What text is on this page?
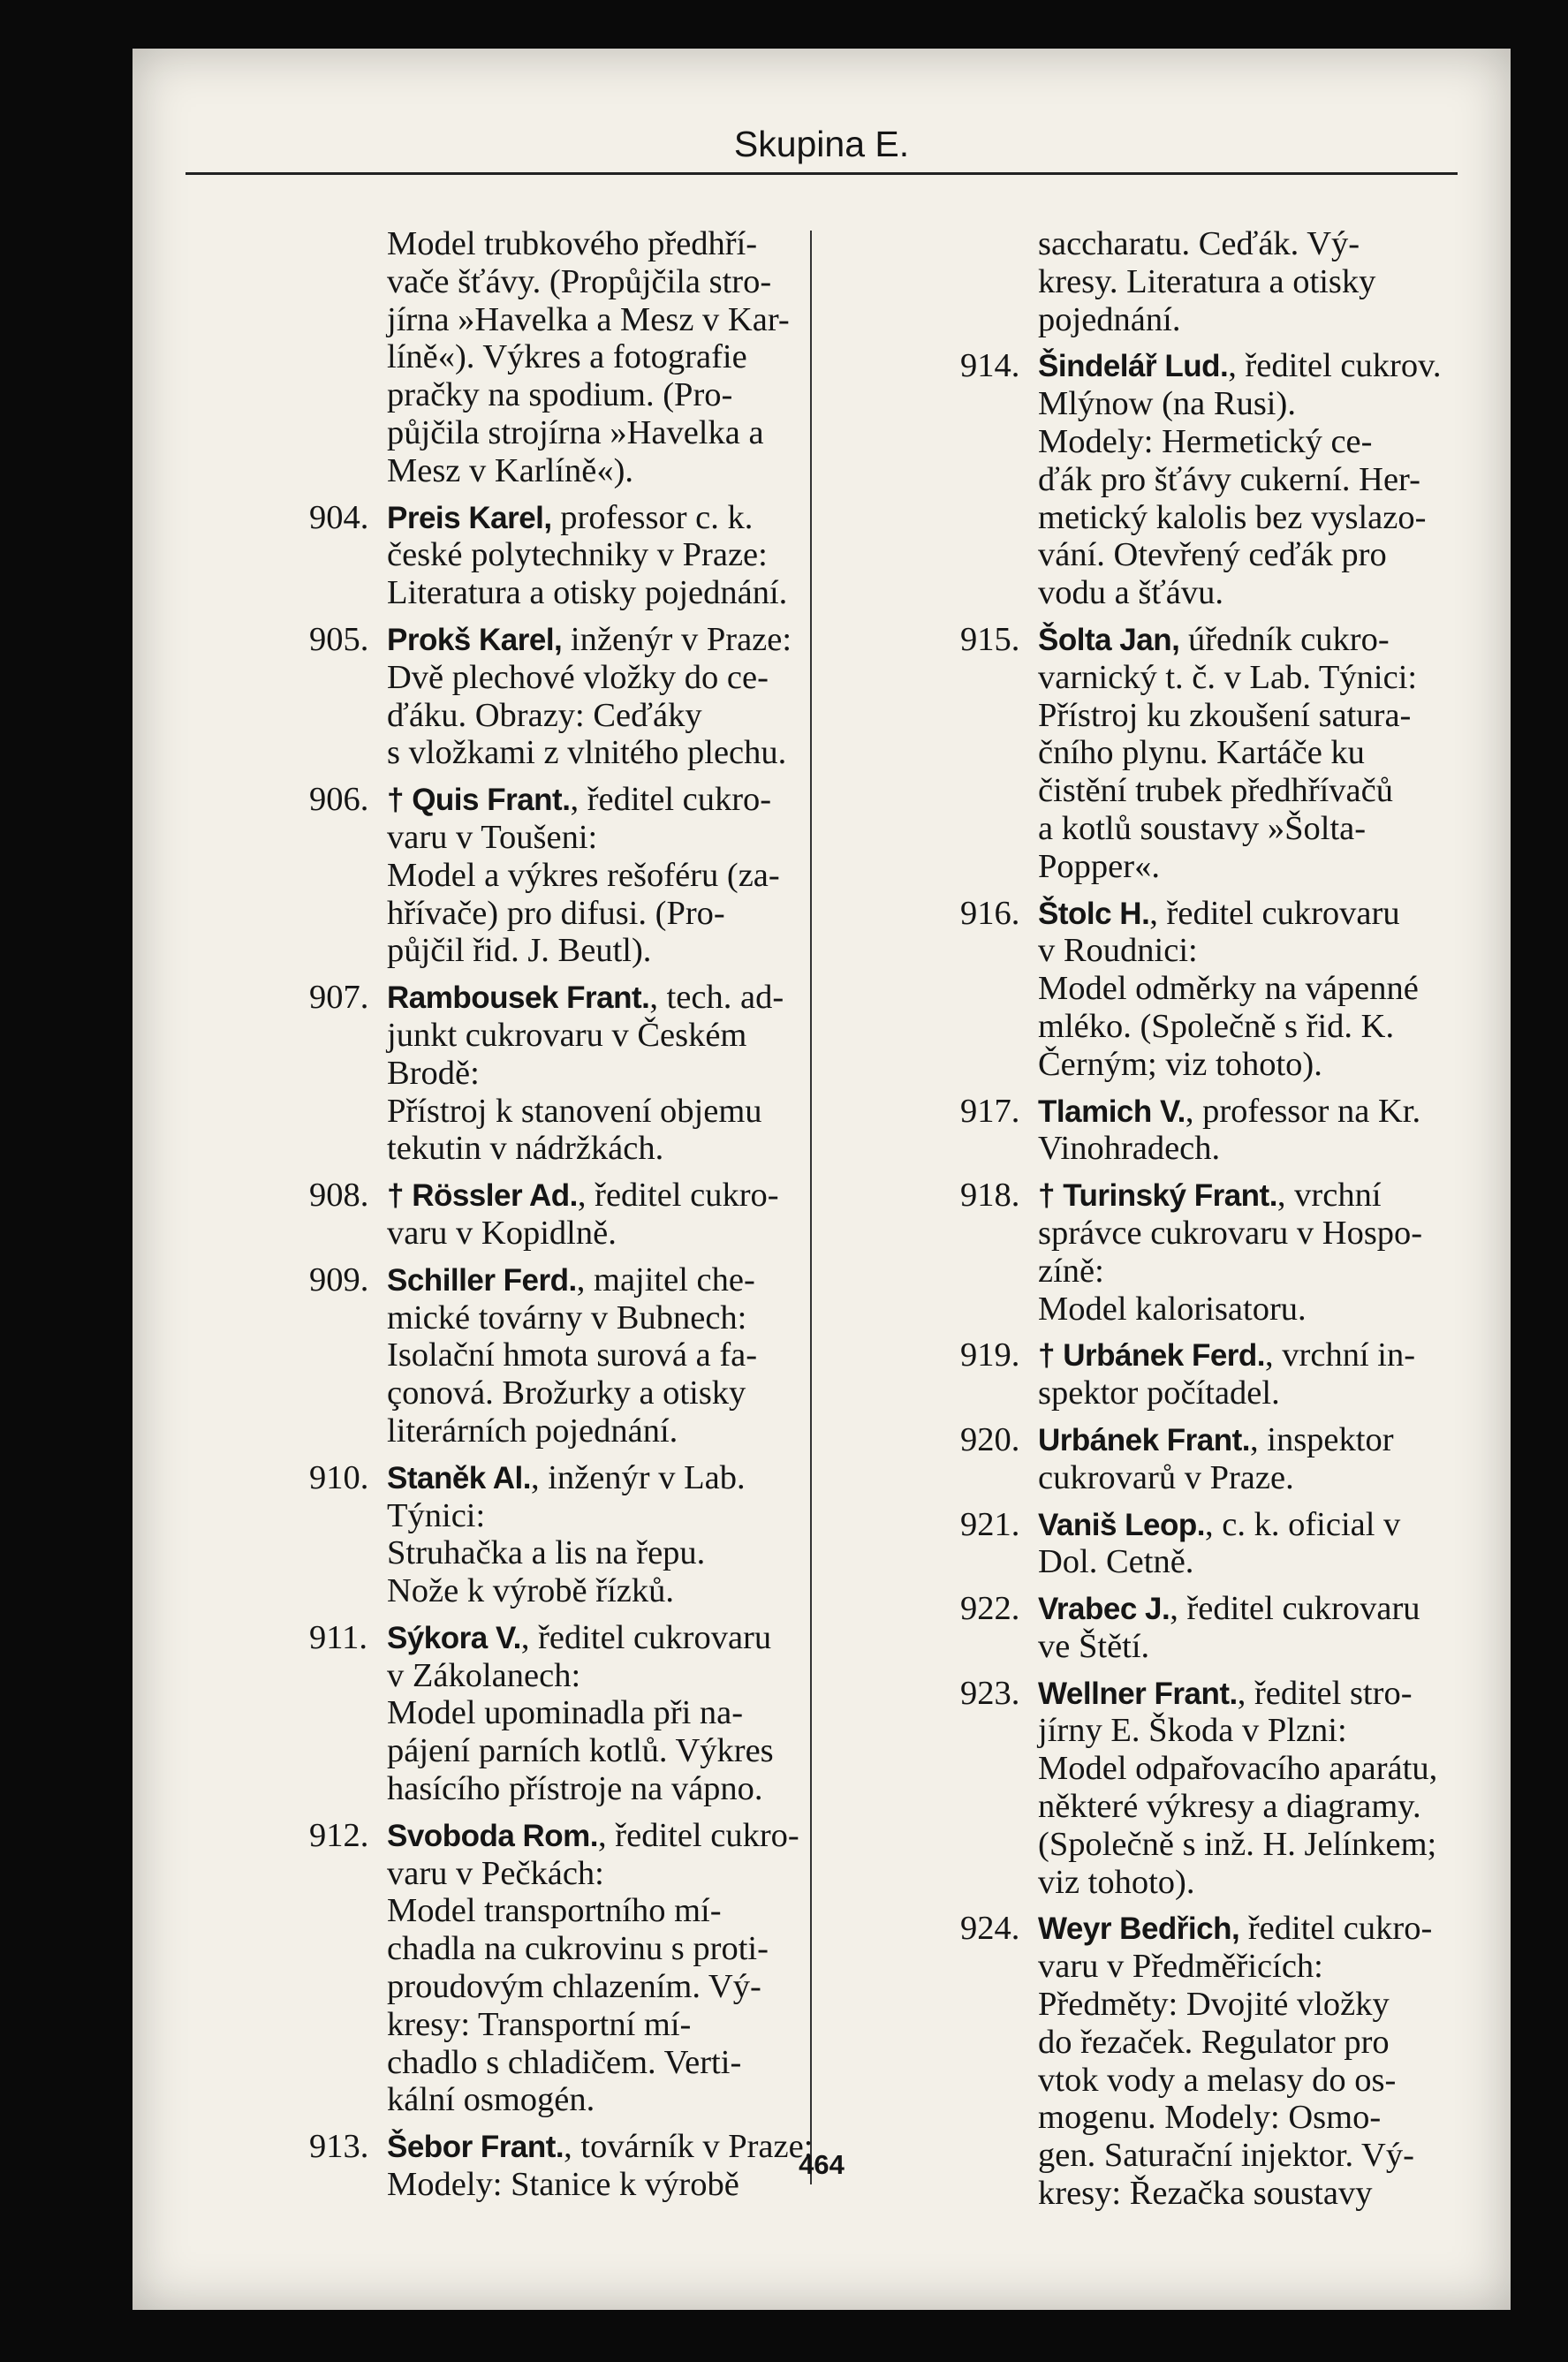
Skupina E.
Model trubkového předhří-
vače šťávy. (Propůjčila stro-
jírna »Havelka a Mesz v Kar-
líně«). Výkres a fotografie
pračky na spodium. (Pro-
půjčila strojírna »Havelka a
Mesz v Karlíně«).
904. Preis Karel, professor c. k.
české polytechniky v Praze:
Literatura a otisky pojednání.
905. Prokš Karel, inženýr v Praze:
Dvě plechové vložky do ce-
ďáku. Obrazy: Ceďáky
s vložkami z vlnitého plechu.
906. † Quis Frant., ředitel cukro-
varu v Toušeni:
Model a výkres rešoféru (za-
hřívače) pro difusi. (Pro-
půjčil řid. J. Beutl).
907. Rambousek Frant., tech. ad-
junkt cukrovaru v Českém
Brodě:
Přístroj k stanovení objemu
tekutin v nádržkách.
908. † Rössler Ad., ředitel cukro-
varu v Kopidlně.
909. Schiller Ferd., majitel che-
mické továrny v Bubnech:
Isolační hmota surová a fa-
çonová. Brožurky a otisky
literárních pojednání.
910. Staněk Al., inženýr v Lab.
Týnici:
Struhačka a lis na řepu.
Nože k výrobě řízků.
911. Sýkora V., ředitel cukrovaru
v Zákolanech:
Model upominadla při na-
pájení parních kotlů. Výkres
hasícího přístroje na vápno.
912. Svoboda Rom., ředitel cukro-
varu v Pečkách:
Model transportního mí-
chadla na cukrovinu s proti-
proudovým chlazením. Vý-
kresy: Transportní mí-
chadlo s chladičem. Verti-
kální osmogén.
913. Šebor Frant., továrník v Praze:
Modely: Stanice k výrobě
saccharatu. Ceďák. Vý-
kresy. Literatura a otisky
pojednání.
914. Šindelář Lud., ředitel cukrov.
Mlýnow (na Rusi).
Modely: Hermetický ce-
ďák pro šťávy cukerní. Her-
metický kalolis bez vyslazo-
vání. Otevřený ceďák pro
vodu a šťávu.
915. Šolta Jan, úředník cukro-
varnický t. č. v Lab. Týnici:
Přístroj ku zkoušení satura-
čního plynu. Kartáče ku
čistění trubek předhřívačů
a kotlů soustavy »Šolta-
Popper«.
916. Štolc H., ředitel cukrovaru
v Roudnici:
Model odměrky na vápenné
mléko. (Společně s řid. K.
Černým; viz tohoto).
917. Tlamich V., professor na Kr.
Vinohradech.
918. † Turinský Frant., vrchní
správce cukrovaru v Hospo-
zíně:
Model kalorisatoru.
919. † Urbánek Ferd., vrchní in-
spektor počítadel.
920. Urbánek Frant., inspektor
cukrovarů v Praze.
921. Vaniš Leop., c. k. oficial v
Dol. Cetně.
922. Vrabec J., ředitel cukrovaru
ve Štětí.
923. Wellner Frant., ředitel stro-
jírny E. Škoda v Plzni:
Model odpařovacího aparátu,
některé výkresy a diagramy.
(Společně s inž. H. Jelínkem;
viz tohoto).
924. Weyr Bedřich, ředitel cukro-
varu v Předměřicích:
Předměty: Dvojité vložky
do řezaček. Regulator pro
vtok vody a melasy do os-
mogenu. Modely: Osmo-
gen. Saturační injektor. Vý-
kresy: Řezačka soustavy
464
